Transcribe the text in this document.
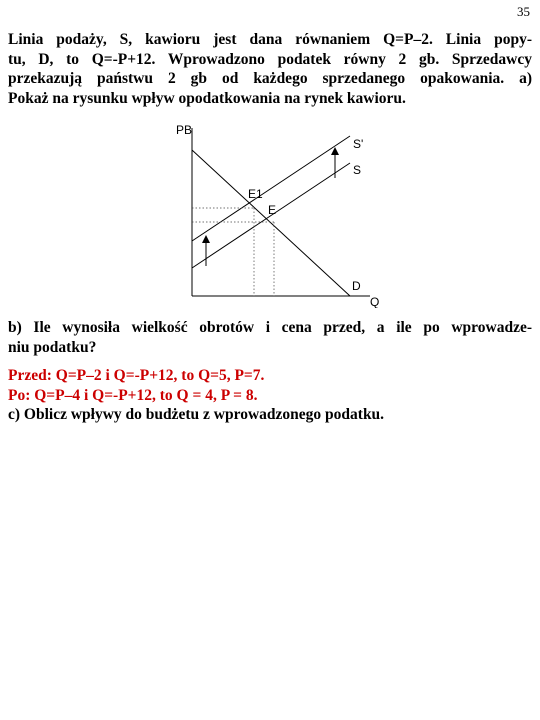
35
Linia podaży, S, kawioru jest dana równaniem Q=P–2. Linia popy-
tu, D, to Q=-P+12. Wprowadzono podatek równy 2 gb. Sprzedawcy
przekazują państwu 2 gb od każdego sprzedanego opakowania. a)
Pokaż na rysunku wpływ opodatkowania na rynek kawioru.
PB
Q
D
S
S'
E1
E
b) Ile wynosiła wielkość obrotów i cena przed, a ile po wprowadze-
niu podatku?
Przed: Q=P–2 i Q=-P+12, to Q=5, P=7.
Po: Q=P–4 i Q=-P+12, to Q = 4, P = 8.
c) Oblicz wpływy do budżetu z wprowadzonego podatku.
